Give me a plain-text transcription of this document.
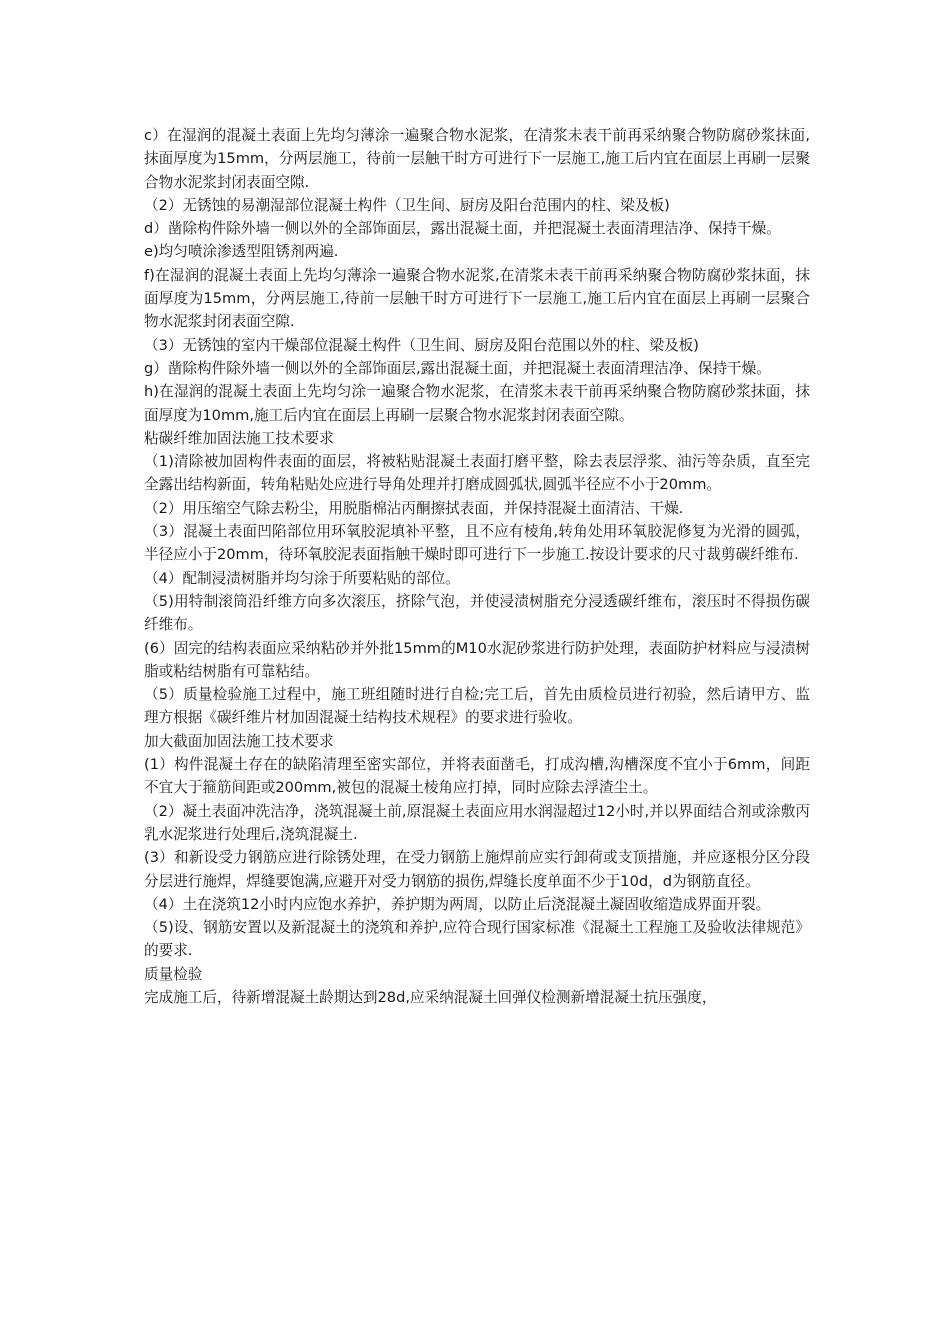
c）在湿润的混凝土表面上先均匀薄涂一遍聚合物水泥浆，在清浆未表干前再采纳聚合物防腐砂浆抹面,抹面厚度为15mm，分两层施工，待前一层触干时方可进行下一层施工,施工后内宜在面层上再刷一层聚合物水泥浆封闭表面空隙.

（2）无锈蚀的易潮湿部位混凝土构件（卫生间、厨房及阳台范围内的柱、梁及板)

d）凿除构件除外墙一侧以外的全部饰面层，露出混凝土面，并把混凝土表面清理洁净、保持干燥。

e)均匀喷涂渗透型阻锈剂两遍.

f)在湿润的混凝土表面上先均匀薄涂一遍聚合物水泥浆,在清浆未表干前再采纳聚合物防腐砂浆抹面，抹面厚度为15mm，分两层施工,待前一层触干时方可进行下一层施工,施工后内宜在面层上再刷一层聚合物水泥浆封闭表面空隙.

（3）无锈蚀的室内干燥部位混凝土构件（卫生间、厨房及阳台范围以外的柱、梁及板)

g）凿除构件除外墙一侧以外的全部饰面层,露出混凝土面，并把混凝土表面清理洁净、保持干燥。

h)在湿润的混凝土表面上先均匀涂一遍聚合物水泥浆，在清浆未表干前再采纳聚合物防腐砂浆抹面，抹面厚度为10mm,施工后内宜在面层上再刷一层聚合物水泥浆封闭表面空隙。

粘碳纤维加固法施工技术要求

（1)清除被加固构件表面的面层，将被粘贴混凝土表面打磨平整，除去表层浮浆、油污等杂质，直至完全露出结构新面，转角粘贴处应进行导角处理并打磨成圆弧状,圆弧半径应不小于20mm。

（2）用压缩空气除去粉尘，用脱脂棉沾丙酮擦拭表面，并保持混凝土面清洁、干燥.

（3）混凝土表面凹陷部位用环氧胶泥填补平整，且不应有棱角,转角处用环氧胶泥修复为光滑的圆弧，半径应小于20mm，待环氧胶泥表面指触干燥时即可进行下一步施工.按设计要求的尺寸裁剪碳纤维布.

（4）配制浸渍树脂并均匀涂于所要粘贴的部位。

（5)用特制滚筒沿纤维方向多次滚压，挤除气泡，并使浸渍树脂充分浸透碳纤维布，滚压时不得损伤碳纤维布。

(6）固完的结构表面应采纳粘砂并外批15mm的M10水泥砂浆进行防护处理，表面防护材料应与浸渍树脂或粘结树脂有可靠粘结。

（5）质量检验施工过程中，施工班组随时进行自检;完工后，首先由质检员进行初验，然后请甲方、监理方根据《碳纤维片材加固混凝土结构技术规程》的要求进行验收。

加大截面加固法施工技术要求

(1）构件混凝土存在的缺陷清理至密实部位，并将表面凿毛，打成沟槽,沟槽深度不宜小于6mm，间距不宜大于箍筋间距或200mm,被包的混凝土棱角应打掉，同时应除去浮渣尘土。

（2）凝土表面冲洗洁净，浇筑混凝土前,原混凝土表面应用水润湿超过12小时,并以界面结合剂或涂敷丙乳水泥浆进行处理后,浇筑混凝土.

(3）和新设受力钢筋应进行除锈处理，在受力钢筋上施焊前应实行卸荷或支顶措施，并应逐根分区分段分层进行施焊，焊缝要饱满,应避开对受力钢筋的损伤,焊缝长度单面不少于10d，d为钢筋直径。

（4）土在浇筑12小时内应饱水养护，养护期为两周，以防止后浇混凝土凝固收缩造成界面开裂。

（5)设、钢筋安置以及新混凝土的浇筑和养护,应符合现行国家标准《混凝土工程施工及验收法律规范》的要求.

质量检验

完成施工后，待新增混凝土龄期达到28d,应采纳混凝土回弹仪检测新增混凝土抗压强度，
